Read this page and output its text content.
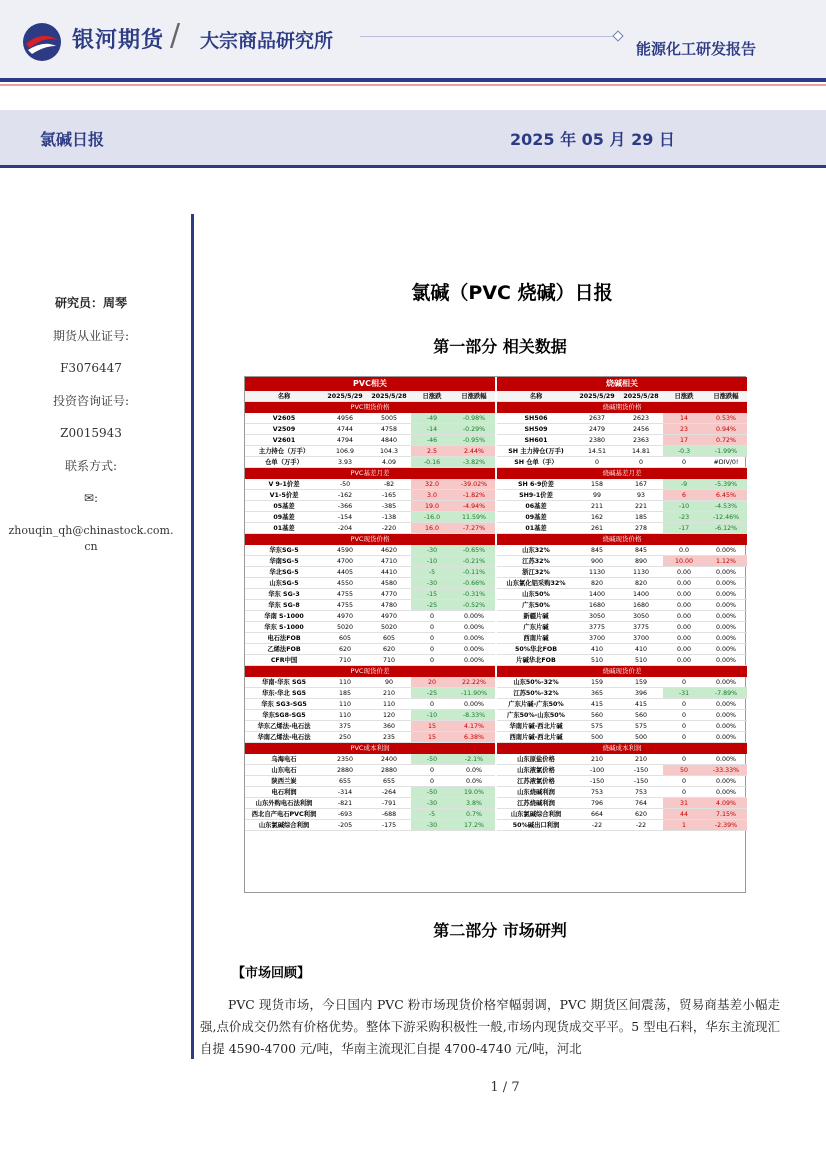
银河期货 / 大宗商品研究所	能源化工研发报告
氯碱日报	2025 年 05 月 29 日
研究员：周琴
期货从业证号:
F3076447
投资咨询证号:
Z0015943
联系方式:
✉:
zhouqin_qh@chinastock.com.cn
氯碱（PVC 烧碱）日报
第一部分 相关数据
PVC相关
名称	2025/5/29	2025/5/28	日涨跌	日涨跌幅
PVC期货价格
V2605	4956	5005	-49	-0.98%
V2509	4744	4758	-14	-0.29%
V2601	4794	4840	-46	-0.95%
主力持仓（万手）	106.9	104.3	2.5	2.44%
仓单（万手）	3.93	4.09	-0.16	-3.82%
PVC基差月差
V 9-1价差	-50	-82	32.0	-39.02%
V1-5价差	-162	-165	3.0	-1.82%
05基差	-366	-385	19.0	-4.94%
09基差	-154	-138	-16.0	11.59%
01基差	-204	-220	16.0	-7.27%
PVC现货价格
华东SG-5	4590	4620	-30	-0.65%
华南SG-5	4700	4710	-10	-0.21%
华北SG-5	4405	4410	-5	-0.11%
山东SG-5	4550	4580	-30	-0.66%
华东 SG-3	4755	4770	-15	-0.31%
华东 SG-8	4755	4780	-25	-0.52%
华南 S-1000	4970	4970	0	0.00%
华东 S-1000	5020	5020	0	0.00%
电石法FOB	605	605	0	0.00%
乙烯法FOB	620	620	0	0.00%
CFR中国	710	710	0	0.00%
PVC现货价差
华南-华东 SG5	110	90	20	22.22%
华东-华北 SG5	185	210	-25	-11.90%
华东 SG3-SG5	110	110	0	0.00%
华东SG8-SG5	110	120	-10	-8.33%
华东乙烯法-电石法	375	360	15	4.17%
华南乙烯法-电石法	250	235	15	6.38%
PVC成本利润
乌海电石	2350	2400	-50	-2.1%
山东电石	2880	2880	0	0.0%
陕西兰炭	655	655	0	0.0%
电石利润	-314	-264	-50	19.0%
山东外购电石法利润	-821	-791	-30	3.8%
西北自产电石PVC利润	-693	-688	-5	0.7%
山东氯碱综合利润	-205	-175	-30	17.2%
烧碱相关
名称	2025/5/29	2025/5/28	日涨跌	日涨跌幅
烧碱期货价格
SH506	2637	2623	14	0.53%
SH509	2479	2456	23	0.94%
SH601	2380	2363	17	0.72%
SH 主力持仓(万手)	14.51	14.81	-0.3	-1.99%
SH 仓单（手）	0	0	0	#DIV/0!
烧碱基差月差
SH 6-9价差	158	167	-9	-5.39%
SH9-1价差	99	93	6	6.45%
06基差	211	221	-10	-4.53%
09基差	162	185	-23	-12.46%
01基差	261	278	-17	-6.12%
烧碱现货价格
山东32%	845	845	0.0	0.00%
江苏32%	900	890	10.00	1.12%
浙江32%	1130	1130	0.00	0.00%
山东氯化铝采购32%	820	820	0.00	0.00%
山东50%	1400	1400	0.00	0.00%
广东50%	1680	1680	0.00	0.00%
新疆片碱	3050	3050	0.00	0.00%
广东片碱	3775	3775	0.00	0.00%
西南片碱	3700	3700	0.00	0.00%
50%华北FOB	410	410	0.00	0.00%
片碱华北FOB	510	510	0.00	0.00%
烧碱现货价差
山东50%-32%	159	159	0	0.00%
江苏50%-32%	365	396	-31	-7.89%
广东片碱-广东50%	415	415	0	0.00%
广东50%-山东50%	560	560	0	0.00%
华南片碱-西北片碱	575	575	0	0.00%
西南片碱-西北片碱	500	500	0	0.00%
烧碱成本利润
山东原盐价格	210	210	0	0.00%
山东液氯价格	-100	-150	50	-33.33%
江苏液氯价格	-150	-150	0	0.00%
山东烧碱利润	753	753	0	0.00%
江苏烧碱利润	796	764	31	4.09%
山东氯碱综合利润	664	620	44	7.15%
50%碱出口利润	-22	-22	1	-2.39%
第二部分 市场研判
【市场回顾】
PVC 现货市场，今日国内 PVC 粉市场现货价格窄幅弱调，PVC 期货区间震荡，贸易商基差小幅走强,点价成交仍然有价格优势。整体下游采购积极性一般,市场内现货成交平平。5 型电石料，华东主流现汇自提 4590-4700 元/吨，华南主流现汇自提 4700-4740 元/吨，河北
1 / 7
